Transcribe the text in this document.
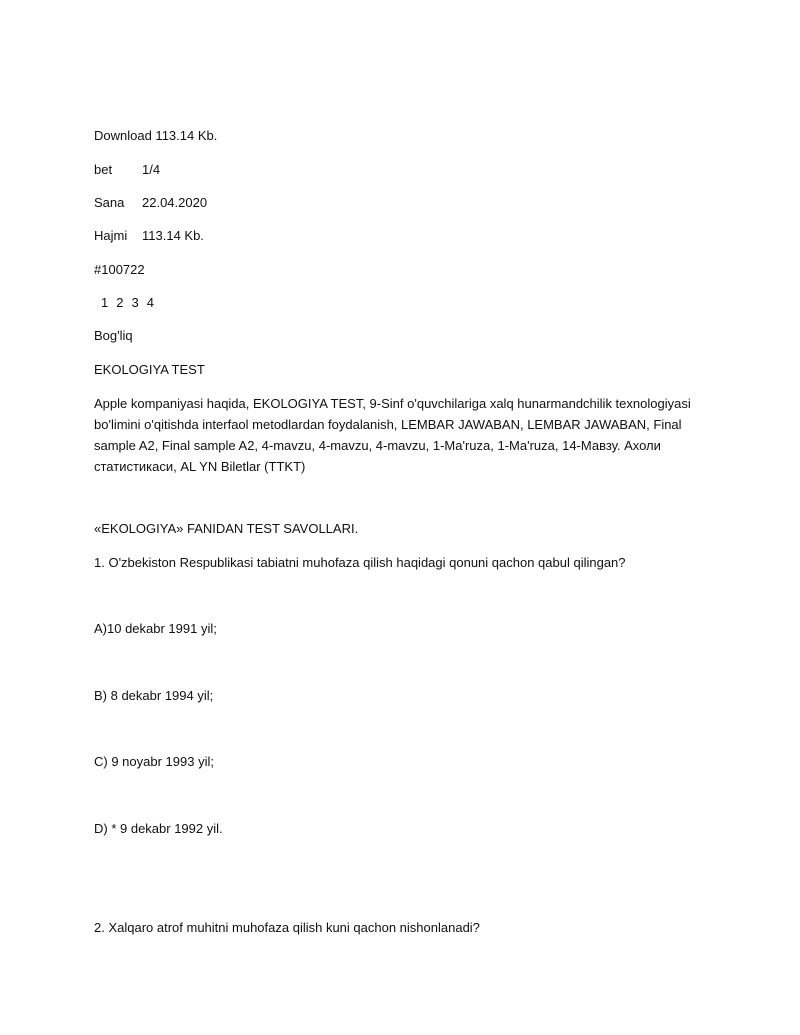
Download 113.14 Kb.
bet 1/4
Sana 22.04.2020
Hajmi 113.14 Kb.
#100722
1 2 3 4
Bog'liq
EKOLOGIYA TEST
Apple kompaniyasi haqida, EKOLOGIYA TEST, 9-Sinf o'quvchilariga xalq hunarmandchilik texnologiyasi bo'limini o'qitishda interfaol metodlardan foydalanish, LEMBAR JAWABAN, LEMBAR JAWABAN, Final sample A2, Final sample A2, 4-mavzu, 4-mavzu, 4-mavzu, 1-Ma'ruza, 1-Ma'ruza, 14-Мавзу. Ахоли статистикаси, AL YN Biletlar (TTKT)
«EKOLOGIYA» FANIDAN TEST SAVOLLARI.
1. O'zbekiston Respublikasi tabiatni muhofaza qilish haqidagi qonuni qachon qabul qilingan?
A)10 dekabr 1991 yil;
B) 8 dekabr 1994 yil;
C) 9 noyabr 1993 yil;
D) * 9 dekabr 1992 yil.
2. Xalqaro atrof muhitni muhofaza qilish kuni qachon nishonlanadi?
